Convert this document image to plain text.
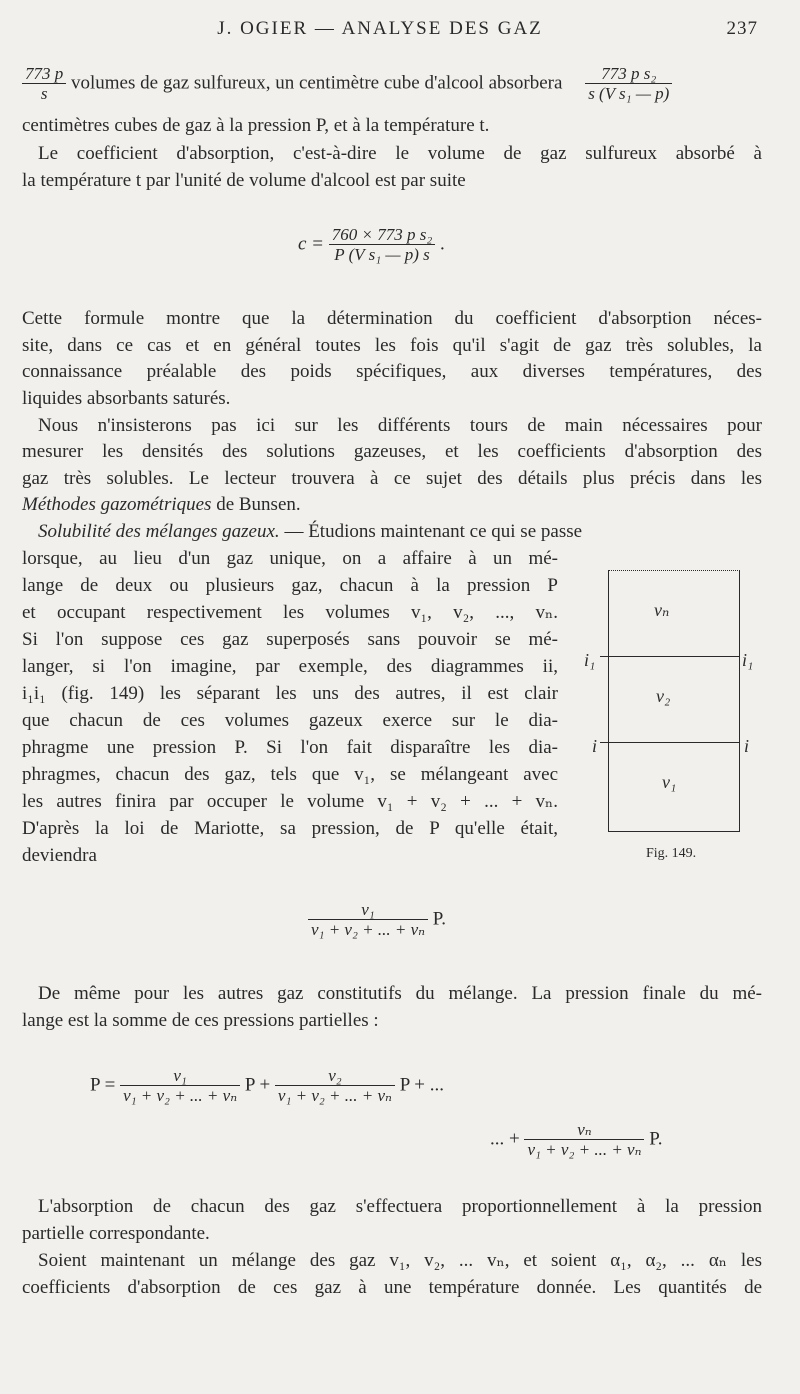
J. OGIER — ANALYSE DES GAZ	237
$\frac{773 p}{s}$ volumes de gaz sulfureux, un centimètre cube d'alcool absorbera $\frac{\text{773 p s₂}}{\text{s (V s₁ — p)}}$
centimètres cubes de gaz à la pression P, et à la température t.
Le coefficient d'absorption, c'est-à-dire le volume de gaz sulfureux absorbé à
la température t par l'unité de volume d'alcool est par suite
$c = \frac{\text{760 × 773 p s₂}}{\text{P (V s₁ — p) s}}$ .
Cette formule montre que la détermination du coefficient d'absorption néces-
site, dans ce cas et en général toutes les fois qu'il s'agit de gaz très solubles, la
connaissance préalable des poids spécifiques, aux diverses températures, des
liquides absorbants saturés.
Nous n'insisterons pas ici sur les différents tours de main nécessaires pour
mesurer les densités des solutions gazeuses, et les coefficients d'absorption des
gaz très solubles. Le lecteur trouvera à ce sujet des détails plus précis dans les
Méthodes gazométriques de Bunsen.
Solubilité des mélanges gazeux. — Étudions maintenant ce qui se passe
lorsque, au lieu d'un gaz unique, on a affaire à un mé-
lange de deux ou plusieurs gaz, chacun à la pression P
et occupant respectivement les volumes v₁, v₂, ..., vₙ.
Si l'on suppose ces gaz superposés sans pouvoir se mé-
langer, si l'on imagine, par exemple, des diagrammes ii,
i₁i₁ (fig. 149) les séparant les uns des autres, il est clair
que chacun de ces volumes gazeux exerce sur le dia-
phragme une pression P. Si l'on fait disparaître les dia-
phragmes, chacun des gaz, tels que v₁, se mélangeant avec
les autres finira par occuper le volume v₁ + v₂ + ... + vₙ.
D'après la loi de Mariotte, sa pression, de P qu'elle était,
deviendra
vₙ
v₂
v₁
i₁	i₁
i	i
Fig. 149.
$\frac{\text{v₁}}{\text{v₁ + v₂ + ... + vₙ}} P$.
De même pour les autres gaz constitutifs du mélange. La pression finale du mé-
lange est la somme de ces pressions partielles :
$P = \frac{\text{v₁}}{\text{v₁ + v₂ + ... + vₙ}}$ $P + \frac{\text{v₂}}{\text{v₁ + v₂ + ... + vₙ}}$ P + ...
... + $\frac{\text{vₙ}}{\text{v₁ + v₂ + ... + vₙ}} P$.
L'absorption de chacun des gaz s'effectuera proportionnellement à la pression
partielle correspondante.
Soient maintenant un mélange des gaz v₁, v₂, ... vₙ, et soient α₁, α₂, ... αₙ les
coefficients d'absorption de ces gaz à une température donnée. Les quantités de
